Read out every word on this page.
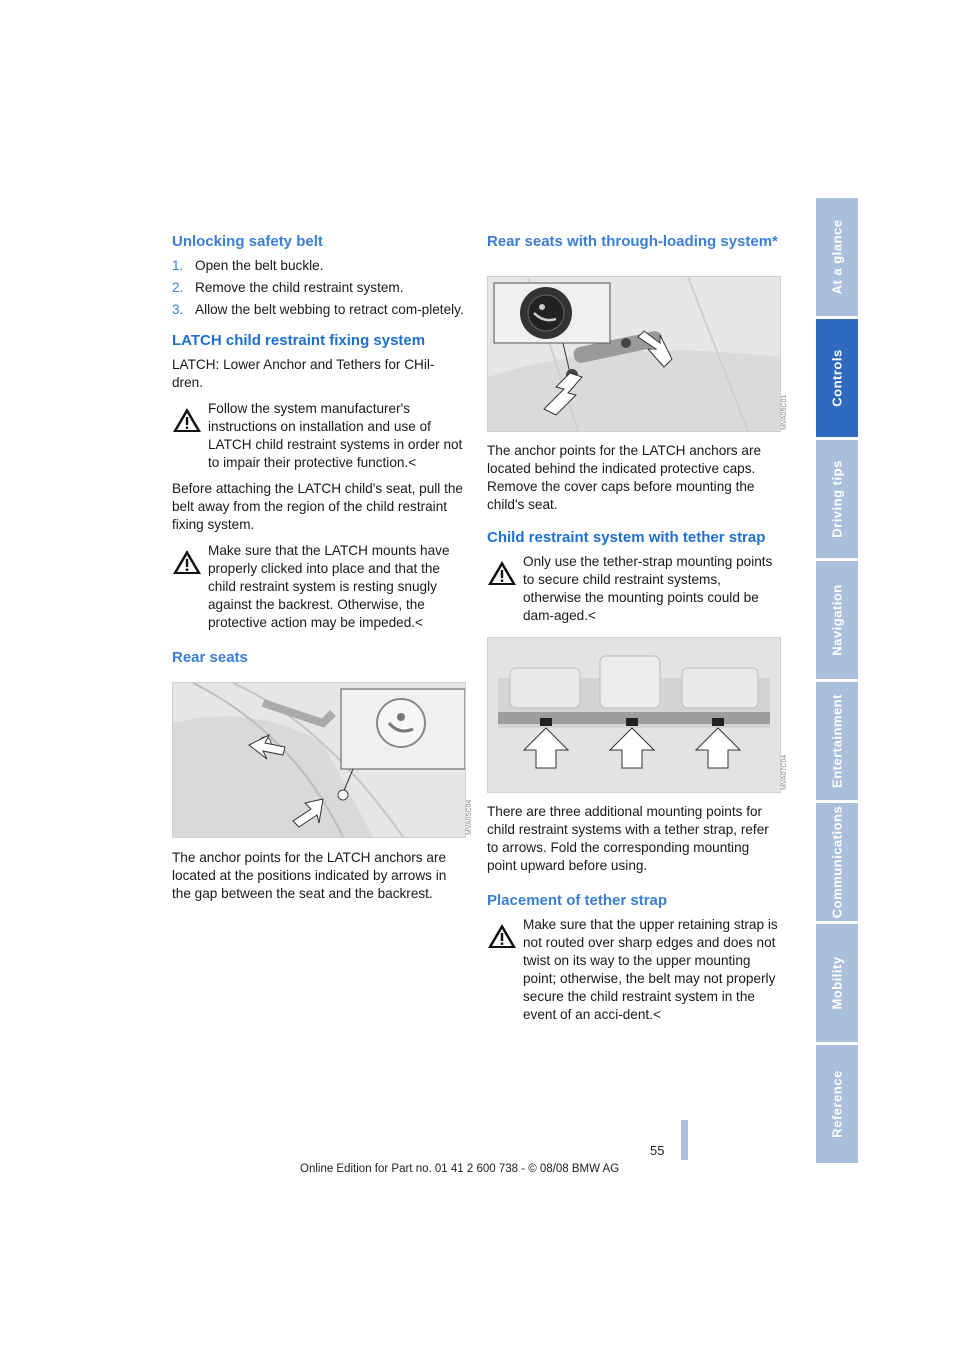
Unlocking safety belt
1. Open the belt buckle.
2. Remove the child restraint system.
3. Allow the belt webbing to retract com-pletely.
LATCH child restraint fixing system

LATCH: Lower Anchor and Tethers for CHil-dren.

Follow the system manufacturer's instructions on installation and use of LATCH child restraint systems in order not to impair their protective function.<

Before attaching the LATCH child's seat, pull the belt away from the region of the child restraint fixing system.

Make sure that the LATCH mounts have properly clicked into place and that the child restraint system is resting snugly against the backrest. Otherwise, the protective action may be impeded.<
Rear seats
MVA05C04

The anchor points for the LATCH anchors are located at the positions indicated by arrows in the gap between the seat and the backrest.

Rear seats with through-loading system*
MVA05C01

The anchor points for the LATCH anchors are located behind the indicated protective caps. Remove the cover caps before mounting the child's seat.

Child restraint system with tether strap
Only use the tether-strap mounting points to secure child restraint systems, otherwise the mounting points could be dam-aged.<
MVA07C04

There are three additional mounting points for child restraint systems with a tether strap, refer to arrows. Fold the corresponding mounting point upward before using.

Placement of tether strap
Make sure that the upper retaining strap is not routed over sharp edges and does not twist on its way to the upper mounting point; otherwise, the belt may not properly secure the child restraint system in the event of an acci-dent.<
At a glance
Controls
Driving tips
Navigation
Entertainment
Communications
Mobility
Reference
55
Online Edition for Part no. 01 41 2 600 738 - © 08/08 BMW AG
